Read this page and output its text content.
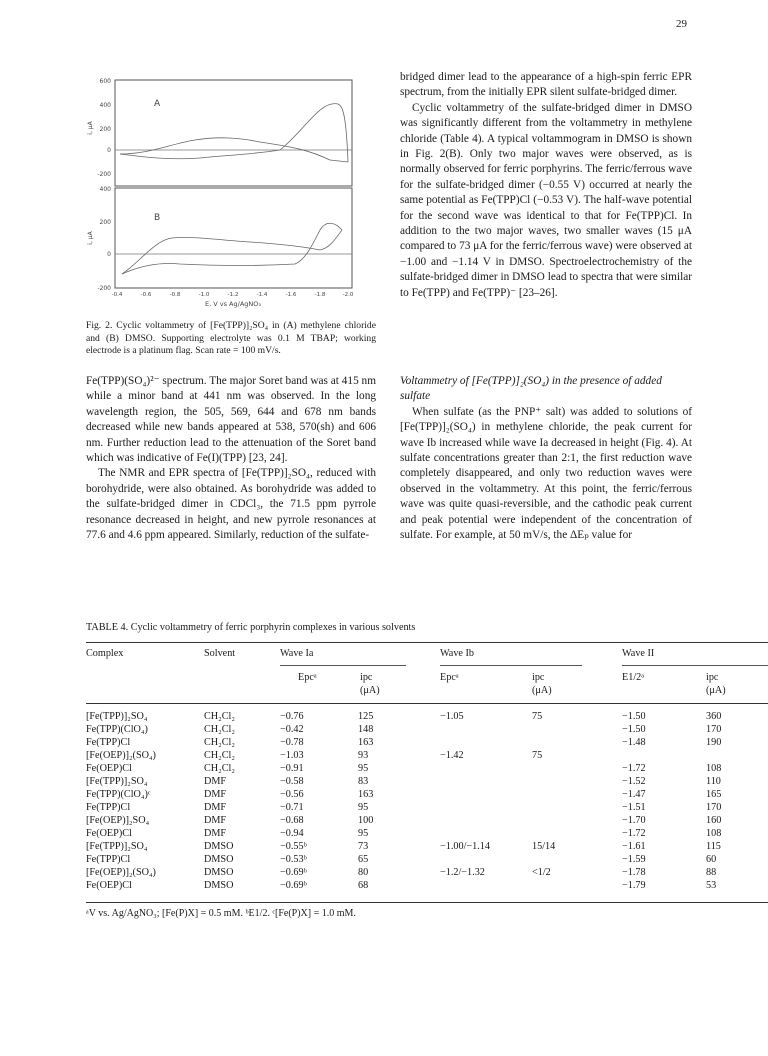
29
600
400
200
0
-200
i, μA
A
400
200
0
-200
i, μA
B
-0.4	-0.6	-0.8	-1.0	-1.2	-1.4	-1.6	-1.8	-2.0
E, V vs Ag/AgNO₃

Fig. 2. Cyclic voltammetry of [Fe(TPP)]₂SO₄ in (A) methylene chloride and (B) DMSO. Supporting electrolyte was 0.1 M TBAP; working electrode is a platinum flag. Scan rate = 100 mV/s.

bridged dimer lead to the appearance of a high-spin ferric EPR spectrum, from the initially EPR silent sulfate-bridged dimer.

Cyclic voltammetry of the sulfate-bridged dimer in DMSO was significantly different from the voltammetry in methylene chloride (Table 4). A typical voltammogram in DMSO is shown in Fig. 2(B). Only two major waves were observed, as is normally observed for ferric porphyrins. The ferric/ferrous wave for the sulfate-bridged dimer (−0.55 V) occurred at nearly the same potential as Fe(TPP)Cl (−0.53 V). The half-wave potential for the second wave was identical to that for Fe(TPP)Cl. In addition to the two major waves, two smaller waves (15 μA compared to 73 μA for the ferric/ferrous wave) were observed at −1.00 and −1.14 V in DMSO. Spectroelectrochemistry of the sulfate-bridged dimer in DMSO lead to spectra that were similar to Fe(TPP) and Fe(TPP)⁻ [23–26].

Fe(TPP)(SO₄)²⁻ spectrum. The major Soret band was at 415 nm while a minor band at 441 nm was observed. In the long wavelength region, the 505, 569, 644 and 678 nm bands decreased while new bands appeared at 538, 570(sh) and 606 nm. Further reduction lead to the attenuation of the Soret band which was indicative of Fe(I)(TPP) [23, 24].

The NMR and EPR spectra of [Fe(TPP)]₂SO₄, reduced with borohydride, were also obtained. As borohydride was added to the sulfate-bridged dimer in CDCl₃, the 71.5 ppm pyrrole resonance decreased in height, and new pyrrole resonances at 77.6 and 4.6 ppm appeared. Similarly, reduction of the sulfate-

Voltammetry of [Fe(TPP)]₂(SO₄) in the presence of added sulfate

When sulfate (as the PNP⁺ salt) was added to solutions of [Fe(TPP)]₂(SO₄) in methylene chloride, the peak current for wave Ib increased while wave Ia decreased in height (Fig. 4). At sulfate concentrations greater than 2:1, the first reduction wave completely disappeared, and only two reduction waves were observed in the voltammetry. At this point, the ferric/ferrous wave was quite quasi-reversible, and the cathodic peak current and peak potential were independent of the concentration of sulfate. For example, at 50 mV/s, the ΔEₚ value for

TABLE 4. Cyclic voltammetry of ferric porphyrin complexes in various solvents
Complex	Solvent	Wave Ia	Wave Ib	Wave II
Epcᵃ	ipc
(μA)
Epcᵃ	ipc
(μA)
E1/2ᵃ	ipc
(μA)
[Fe(TPP)]₂SO₄	CH₂Cl₂	−0.76	125	−1.05	75	−1.50	360
Fe(TPP)(ClO₄)	CH₂Cl₂	−0.42	148			−1.50	170
Fe(TPP)Cl	CH₂Cl₂	−0.78	163			−1.48	190
[Fe(OEP)]₂(SO₄)	CH₂Cl₂	−1.03	93	−1.42	75		
Fe(OEP)Cl	CH₂Cl₂	−0.91	95			−1.72	108
[Fe(TPP)]₂SO₄	DMF	−0.58	83			−1.52	110
Fe(TPP)(ClO₄)ᶜ	DMF	−0.56	163			−1.47	165
Fe(TPP)Cl	DMF	−0.71	95			−1.51	170
[Fe(OEP)]₂SO₄	DMF	−0.68	100			−1.70	160
Fe(OEP)Cl	DMF	−0.94	95			−1.72	108
[Fe(TPP)]₂SO₄	DMSO	−0.55ᵇ	73	−1.00/−1.14	15/14	−1.61	115
Fe(TPP)Cl	DMSO	−0.53ᵇ	65			−1.59	60
[Fe(OEP)]₂(SO₄)	DMSO	−0.69ᵇ	80	−1.2/−1.32	<1/2	−1.78	88
Fe(OEP)Cl	DMSO	−0.69ᵇ	68			−1.79	53
ᵃV vs. Ag/AgNO₃; [Fe(P)X] = 0.5 mM. ᵇE1/2. ᶜ[Fe(P)X] = 1.0 mM.
